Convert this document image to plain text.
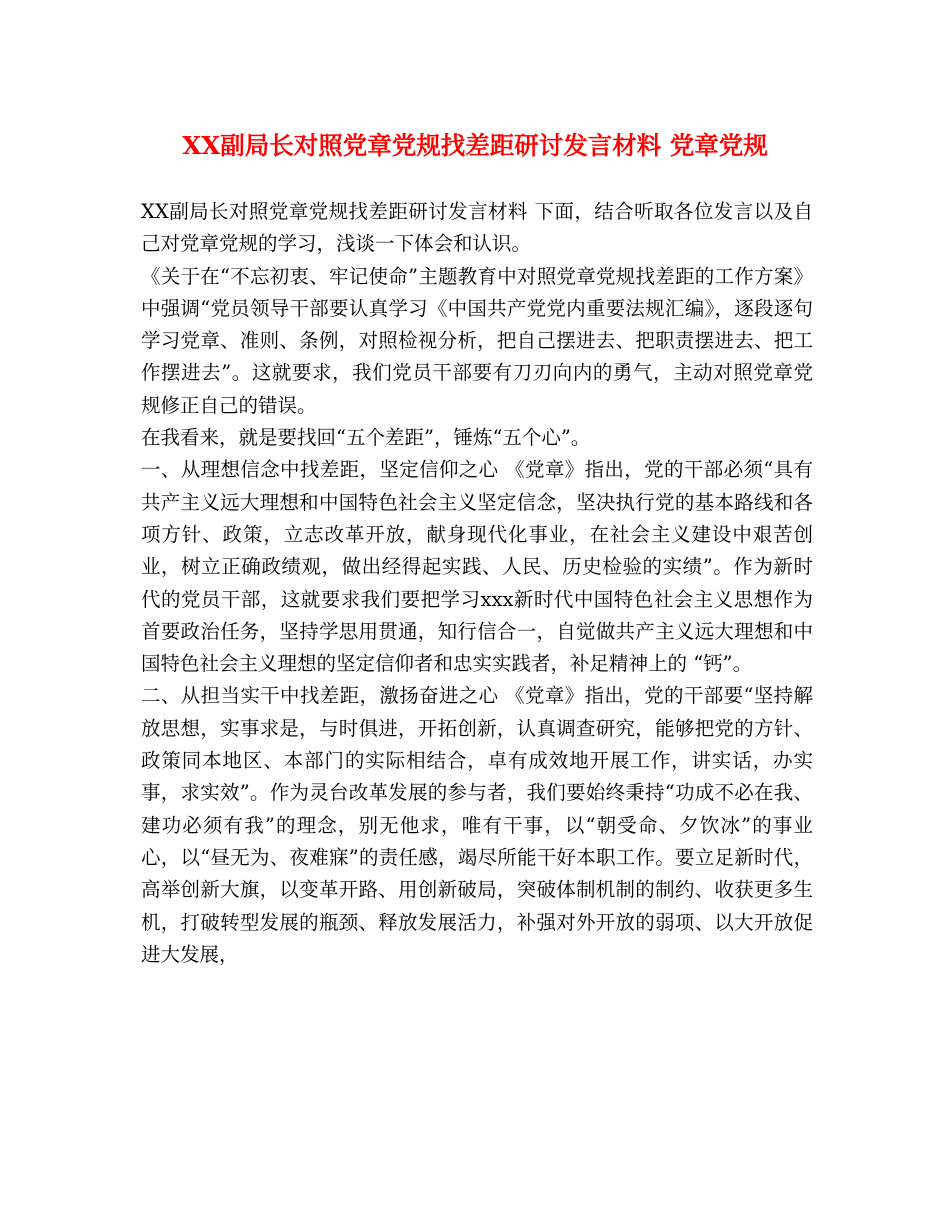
XX副局长对照党章党规找差距研讨发言材料 党章党规

XX副局长对照党章党规找差距研讨发言材料 下面，结合听取各位发言以及自己对党章党规的学习，浅谈一下体会和认识。

《关于在“不忘初衷、牢记使命”主题教育中对照党章党规找差距的工作方案》中强调“党员领导干部要认真学习《中国共产党党内重要法规汇编》，逐段逐句学习党章、准则、条例，对照检视分析，把自己摆进去、把职责摆进去、把工作摆进去”。这就要求，我们党员干部要有刀刃向内的勇气，主动对照党章党规修正自己的错误。

在我看来，就是要找回“五个差距”，锤炼“五个心”。

一、从理想信念中找差距，坚定信仰之心 《党章》指出，党的干部必须“具有共产主义远大理想和中国特色社会主义坚定信念，坚决执行党的基本路线和各项方针、政策，立志改革开放，献身现代化事业，在社会主义建设中艰苦创业，树立正确政绩观，做出经得起实践、人民、历史检验的实绩”。作为新时代的党员干部，这就要求我们要把学习xxx新时代中国特色社会主义思想作为首要政治任务，坚持学思用贯通，知行信合一，自觉做共产主义远大理想和中国特色社会主义理想的坚定信仰者和忠实实践者，补足精神上的 “钙”。

二、从担当实干中找差距，激扬奋进之心 《党章》指出，党的干部要“坚持解放思想，实事求是，与时俱进，开拓创新，认真调查研究，能够把党的方针、政策同本地区、本部门的实际相结合，卓有成效地开展工作，讲实话，办实事，求实效”。作为灵台改革发展的参与者，我们要始终秉持“功成不必在我、建功必须有我”的理念，别无他求，唯有干事，以“朝受命、夕饮冰”的事业心，以“昼无为、夜难寐”的责任感，竭尽所能干好本职工作。要立足新时代，高举创新大旗，以变革开路、用创新破局，突破体制机制的制约、收获更多生机，打破转型发展的瓶颈、释放发展活力，补强对外开放的弱项、以大开放促进大发展，
